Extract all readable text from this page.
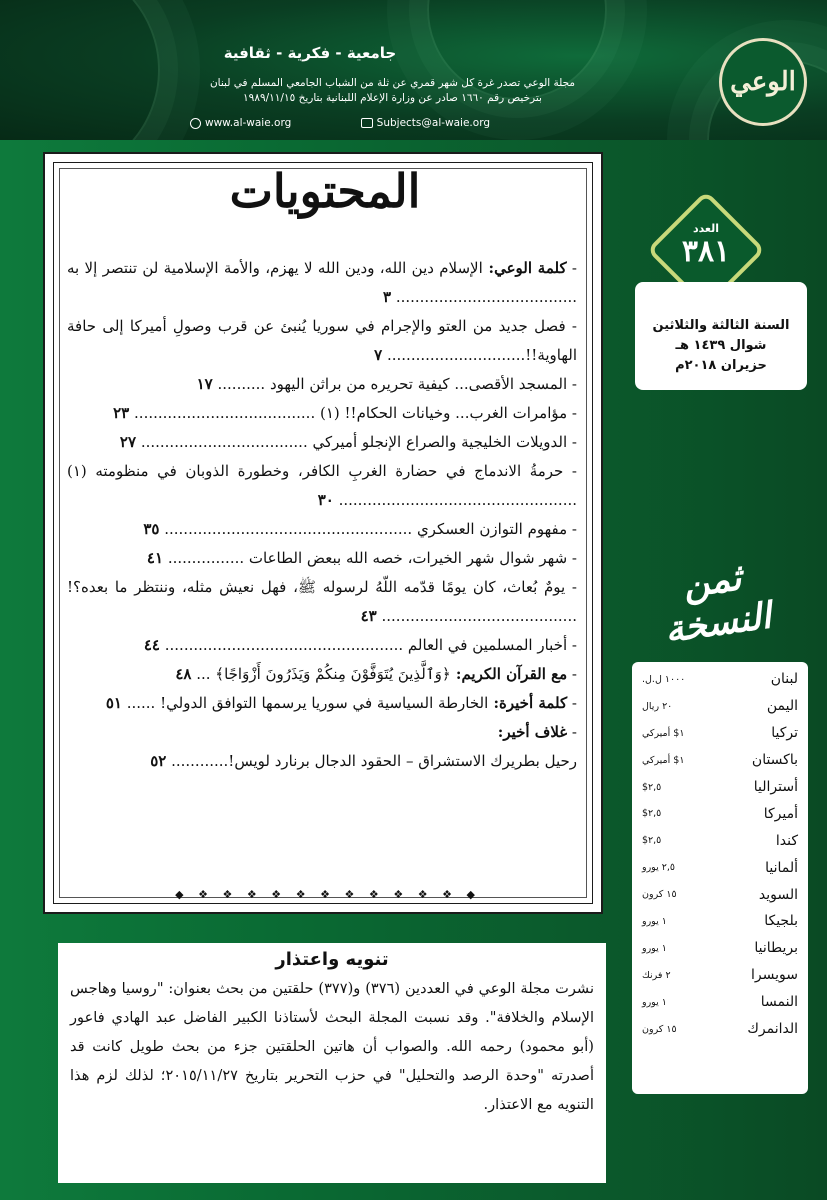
الوعي
جامعية - فكرية - ثقافية
مجلة الوعي تصدر غرة كل شهر قمري عن ثلة من الشباب الجامعي المسلم في لبنان
بترخيص رقم ١٦٦٠ صادر عن وزارة الإعلام اللبنانية بتاريخ ١٩٨٩/١١/١٥
www.al-waie.org	Subjects@al-waie.org
المحتويات
- كلمة الوعي: الإسلام دين الله، ودين الله لا يهزم، والأمة الإسلامية لن تنتصر إلا به ...................................... ٣
- فصل جديد من العتو والإجرام في سوريا يُنبئ عن قرب وصولِ أميركا إلى حافة الهاوية!!............................. ٧
- المسجد الأقصى... كيفية تحريره من براثن اليهود .......... ١٧
- مؤامرات الغرب... وخيانات الحكام!! (١) ...................................... ٢٣
- الدويلات الخليجية والصراع الإنجلو أميركي ................................... ٢٧
- حرمةُ الاندماج في حضارة الغربِ الكافر، وخطورة الذوبان في منظومته (١) .................................................. ٣٠
- مفهوم التوازن العسكري .................................................... ٣٥
- شهر شوال شهر الخيرات، خصه الله ببعض الطاعات ................ ٤١
- يومٌ بُعاث، كان يومًا قدّمه اللّهُ لرسوله ﷺ، فهل نعيش مثله، وننتظر ما بعده؟! ......................................... ٤٣
- أخبار المسلمين في العالم .................................................. ٤٤
- مع القرآن الكريم: ﴿وَٱلَّذِينَ يُتَوَفَّوْنَ مِنكُمْ وَيَذَرُونَ أَزْوَاجًا﴾ ... ٤٨
- كلمة أخيرة: الخارطة السياسية في سوريا يرسمها التوافق الدولي! ...... ٥١
- غلاف أخير:
رحيل بطريرك الاستشراق – الحقود الدجال برنارد لويس!............ ٥٢
◆
❖
❖
❖
❖
❖
❖
❖
❖
❖
❖
❖
◆
العدد
٣٨١
السنة الثالثة والثلاثين
شوال ١٤٣٩ هـ
حزيران ٢٠١٨م
ثمن النسخة
لبنان
١٠٠٠ ل.ل.
اليمن
٢٠ ريال
تركيا
١$ أميركي
باكستان
١$ أميركي
أستراليا
٢,٥$
أميركا
٢,٥$
كندا
٢,٥$
ألمانيا
٢,٥ يورو
السويد
١٥ كرون
بلجيكا
١ يورو
بريطانيا
١ يورو
سويسرا
٢ فرنك
النمسا
١ يورو
الدانمرك
١٥ كرون
تنويه واعتذار
نشرت مجلة الوعي في العددين (٣٧٦) و(٣٧٧) حلقتين من بحث بعنوان: "روسيا وهاجس الإسلام والخلافة". وقد نسبت المجلة البحث لأستاذنا الكبير الفاضل عبد الهادي فاعور (أبو محمود) رحمه الله. والصواب أن هاتين الحلقتين جزء من بحث طويل كانت قد أصدرته "وحدة الرصد والتحليل" في حزب التحرير بتاريخ ٢٠١٥/١١/٢٧؛ لذلك لزم هذا التنويه مع الاعتذار.
